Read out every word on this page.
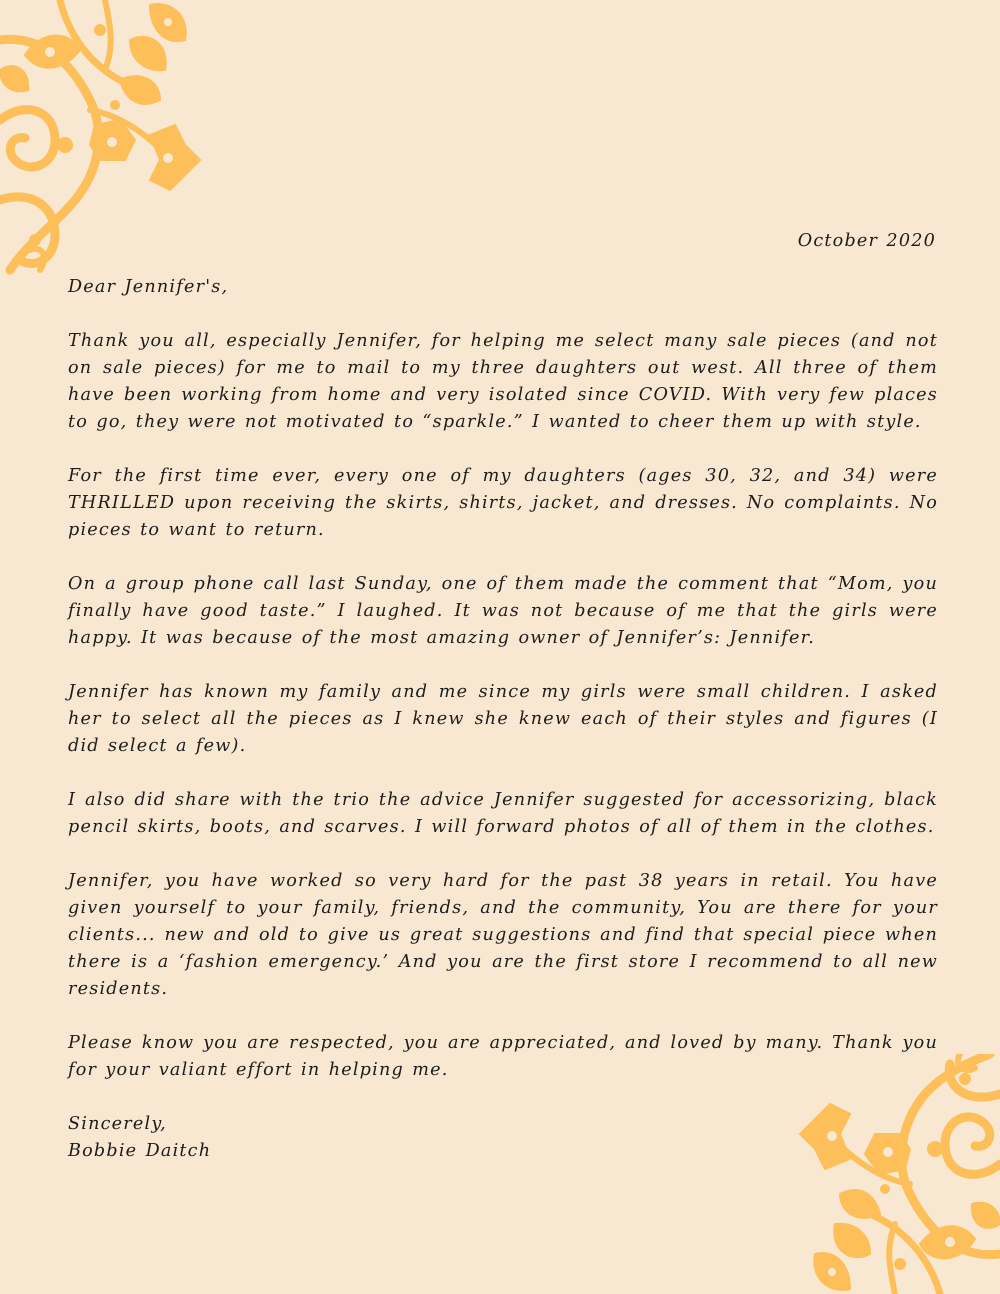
October 2020

Dear Jennifer's,

Thank you all, especially Jennifer, for helping me select many sale pieces (and not on sale pieces) for me to mail to my three daughters out west. All three of them have been working from home and very isolated since COVID. With very few places to go, they were not motivated to “sparkle.” I wanted to cheer them up with style.

For the first time ever, every one of my daughters (ages 30, 32, and 34) were THRILLED upon receiving the skirts, shirts, jacket, and dresses. No complaints. No pieces to want to return.

On a group phone call last Sunday, one of them made the comment that “Mom, you finally have good taste.” I laughed. It was not because of me that the girls were happy. It was because of the most amazing owner of Jennifer’s: Jennifer.

Jennifer has known my family and me since my girls were small children. I asked her to select all the pieces as I knew she knew each of their styles and figures (I did select a few).

I also did share with the trio the advice Jennifer suggested for accessorizing, black pencil skirts, boots, and scarves. I will forward photos of all of them in the clothes.

Jennifer, you have worked so very hard for the past 38 years in retail. You have given yourself to your family, friends, and the community, You are there for your clients... new and old to give us great suggestions and find that special piece when there is a ‘fashion emergency.’ And you are the first store I recommend to all new residents.

Please know you are respected, you are appreciated, and loved by many. Thank you for your valiant effort in helping me.

Sincerely,

Bobbie Daitch
